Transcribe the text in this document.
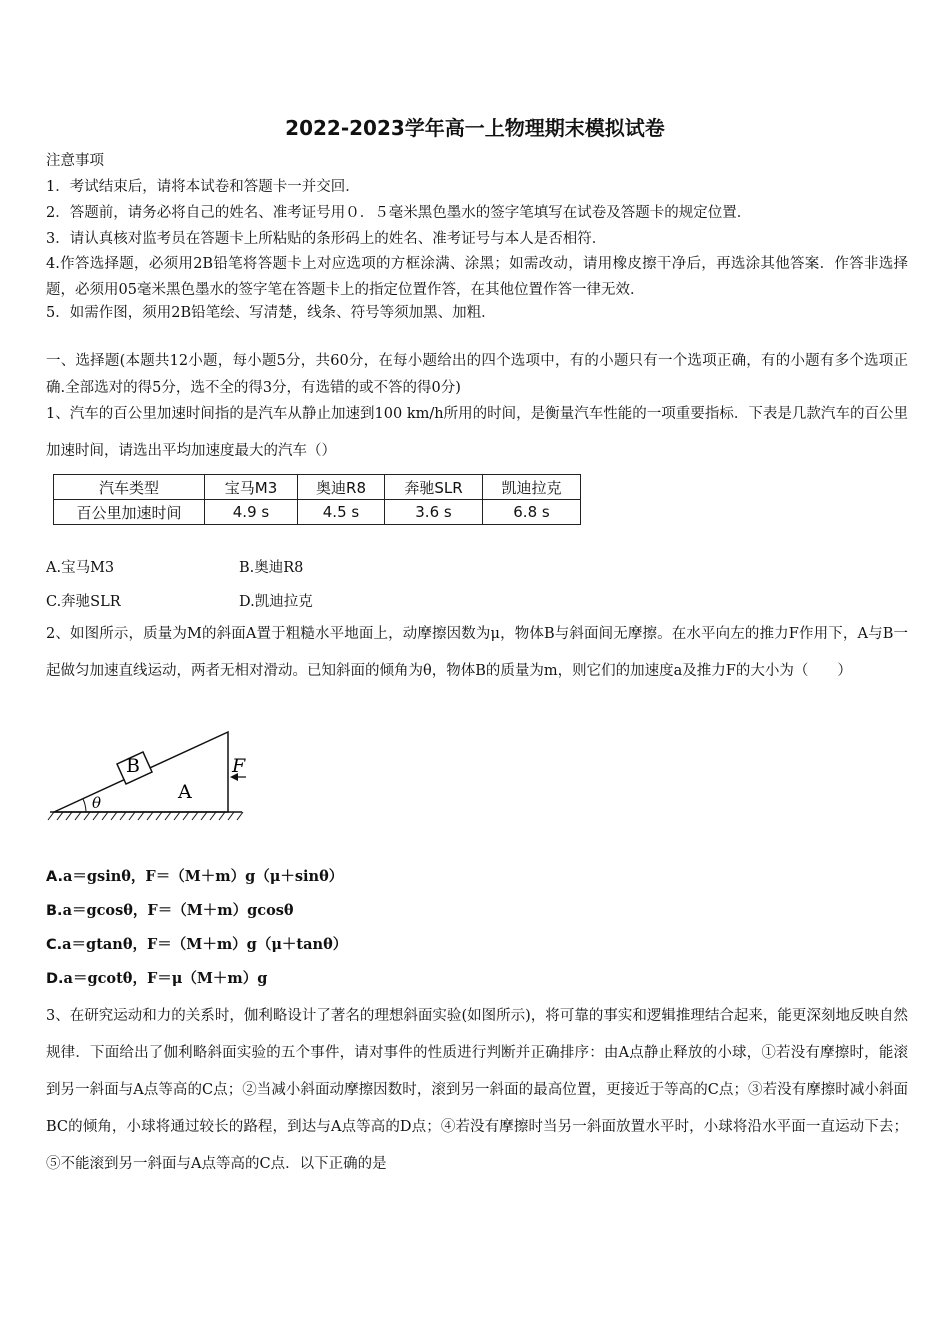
2022-2023学年高一上物理期末模拟试卷
注意事项
1．考试结束后，请将本试卷和答题卡一并交回．
2．答题前，请务必将自己的姓名、准考证号用０．５毫米黑色墨水的签字笔填写在试卷及答题卡的规定位置．
3．请认真核对监考员在答题卡上所粘贴的条形码上的姓名、准考证号与本人是否相符．
4.作答选择题，必须用2B铅笔将答题卡上对应选项的方框涂满、涂黑；如需改动，请用橡皮擦干净后，再选涂其他答案．作答非选择题，必须用05毫米黑色墨水的签字笔在答题卡上的指定位置作答，在其他位置作答一律无效．
5．如需作图，须用2B铅笔绘、写清楚，线条、符号等须加黑、加粗．
一、选择题(本题共12小题，每小题5分，共60分，在每小题给出的四个选项中，有的小题只有一个选项正确，有的小题有多个选项正确.全部选对的得5分，选不全的得3分，有选错的或不答的得0分)
1、汽车的百公里加速时间指的是汽车从静止加速到100 km/h所用的时间，是衡量汽车性能的一项重要指标．下表是几款汽车的百公里加速时间，请选出平均加速度最大的汽车（）
汽车类型	宝马M3	奥迪R8	奔驰SLR	凯迪拉克
百公里加速时间	4.9 s	4.5 s	3.6 s	6.8 s
A.宝马M3	B.奥迪R8
C.奔驰SLR	D.凯迪拉克
2、如图所示，质量为M的斜面A置于粗糙水平地面上，动摩擦因数为μ，物体B与斜面间无摩擦。在水平向左的推力F作用下，A与B一起做匀加速直线运动，两者无相对滑动。已知斜面的倾角为θ，物体B的质量为m，则它们的加速度a及推力F的大小为（　　）
B
A
F
θ
A.a＝gsinθ，F＝（M＋m）g（μ＋sinθ）
B.a＝gcosθ，F＝（M＋m）gcosθ
C.a＝gtanθ，F＝（M＋m）g（μ＋tanθ）
D.a＝gcotθ，F＝μ（M＋m）g
3、在研究运动和力的关系时，伽利略设计了著名的理想斜面实验(如图所示)，将可靠的事实和逻辑推理结合起来，能更深刻地反映自然规律．下面给出了伽利略斜面实验的五个事件，请对事件的性质进行判断并正确排序：由A点静止释放的小球，①若没有摩擦时，能滚到另一斜面与A点等高的C点；②当减小斜面动摩擦因数时，滚到另一斜面的最高位置，更接近于等高的C点；③若没有摩擦时减小斜面BC的倾角，小球将通过较长的路程，到达与A点等高的D点；④若没有摩擦时当另一斜面放置水平时，小球将沿水平面一直运动下去；⑤不能滚到另一斜面与A点等高的C点．以下正确的是
